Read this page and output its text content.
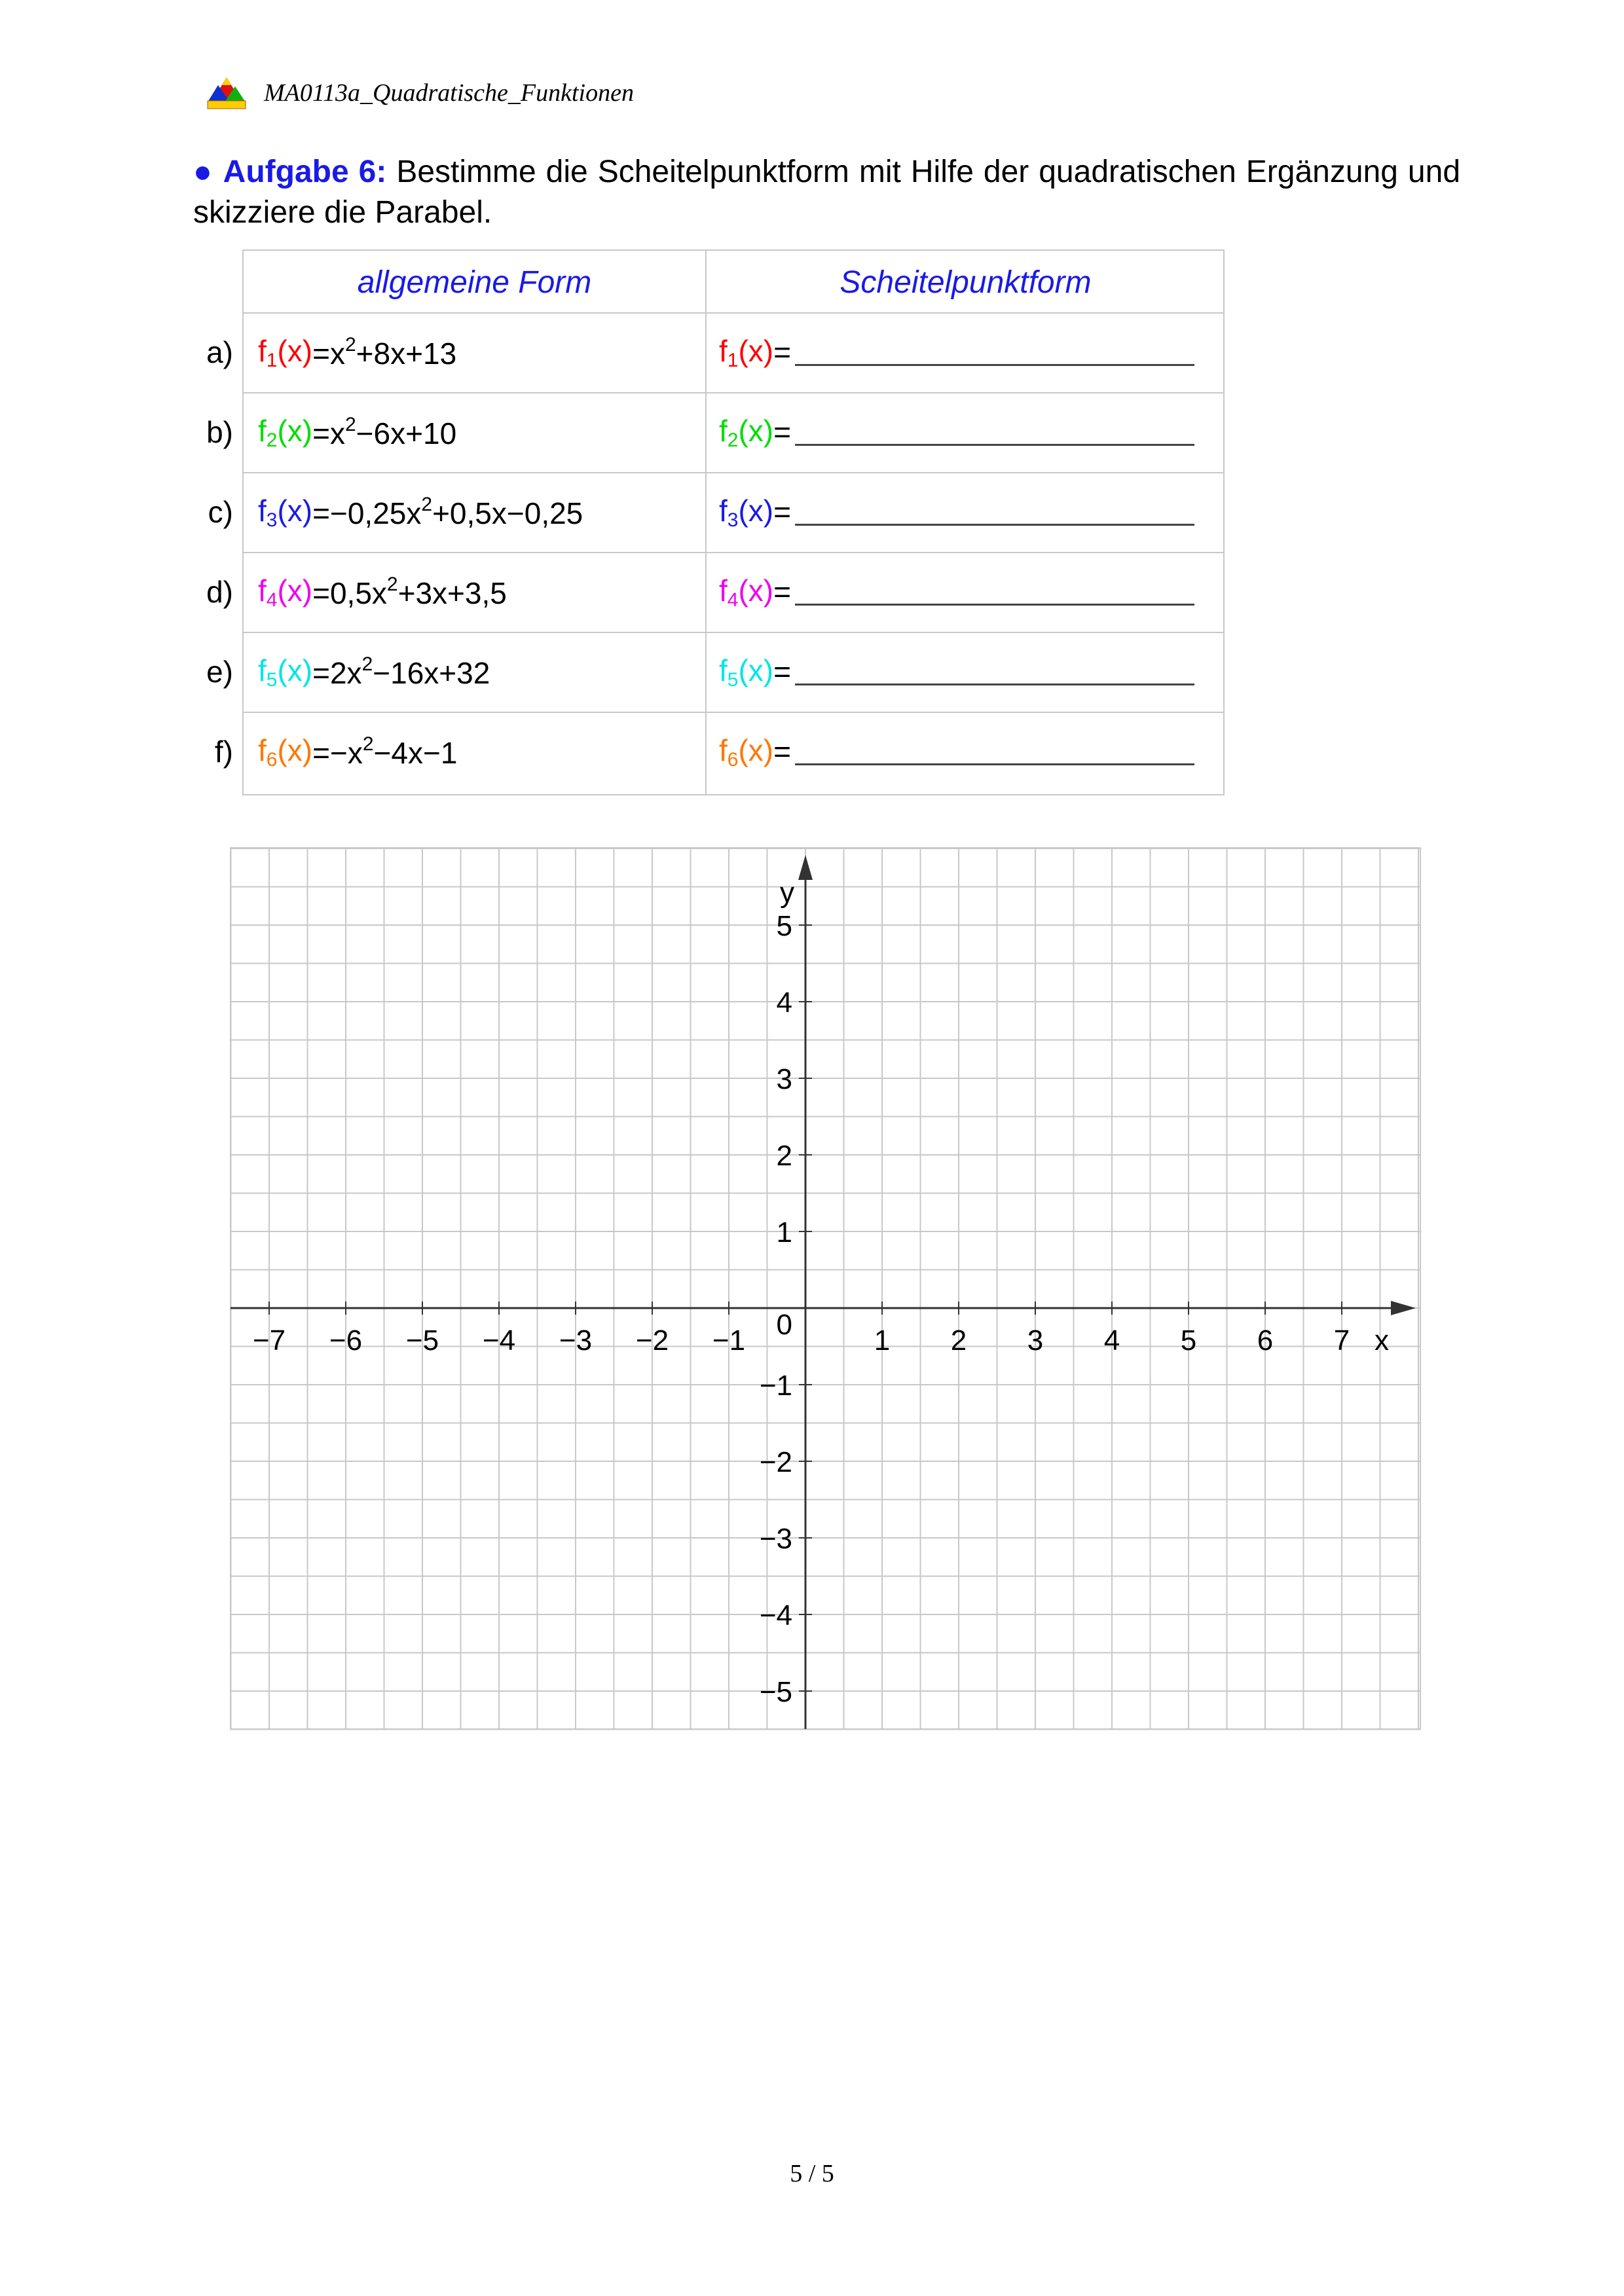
MA0113a_Quadratische_Funktionen
● Aufgabe 6: Bestimme die Scheitelpunktform mit Hilfe der quadratischen Ergänzung und skizziere die Parabel.
allgemeine Form	Scheitelpunktform
a) $f_1(x) =x^2+8x+13$	$f_1(x)$ =
b) $f_2(x) =x^2-6x+10$	$f_2(x)$ =
c) $f_3(x) =-0,25x^2+0,5x-0,25$	$f_3(x)$ =
d) $f_4(x) =0,5x^2+3x+3,5$	$f_4(x)$ =
e) $f_5(x) =2x^2-16x+32$	$f_5(x)$ =
f) $f_6(x) =-x^2-4x-1$	$f_6(x)$ =
−7 −6 −5 −4 −3 −2 −1	1 2 3 4 5 6 7
5
4
3
2
1
−1
−2
−3
−4
−5
0	x
y
5 / 5
